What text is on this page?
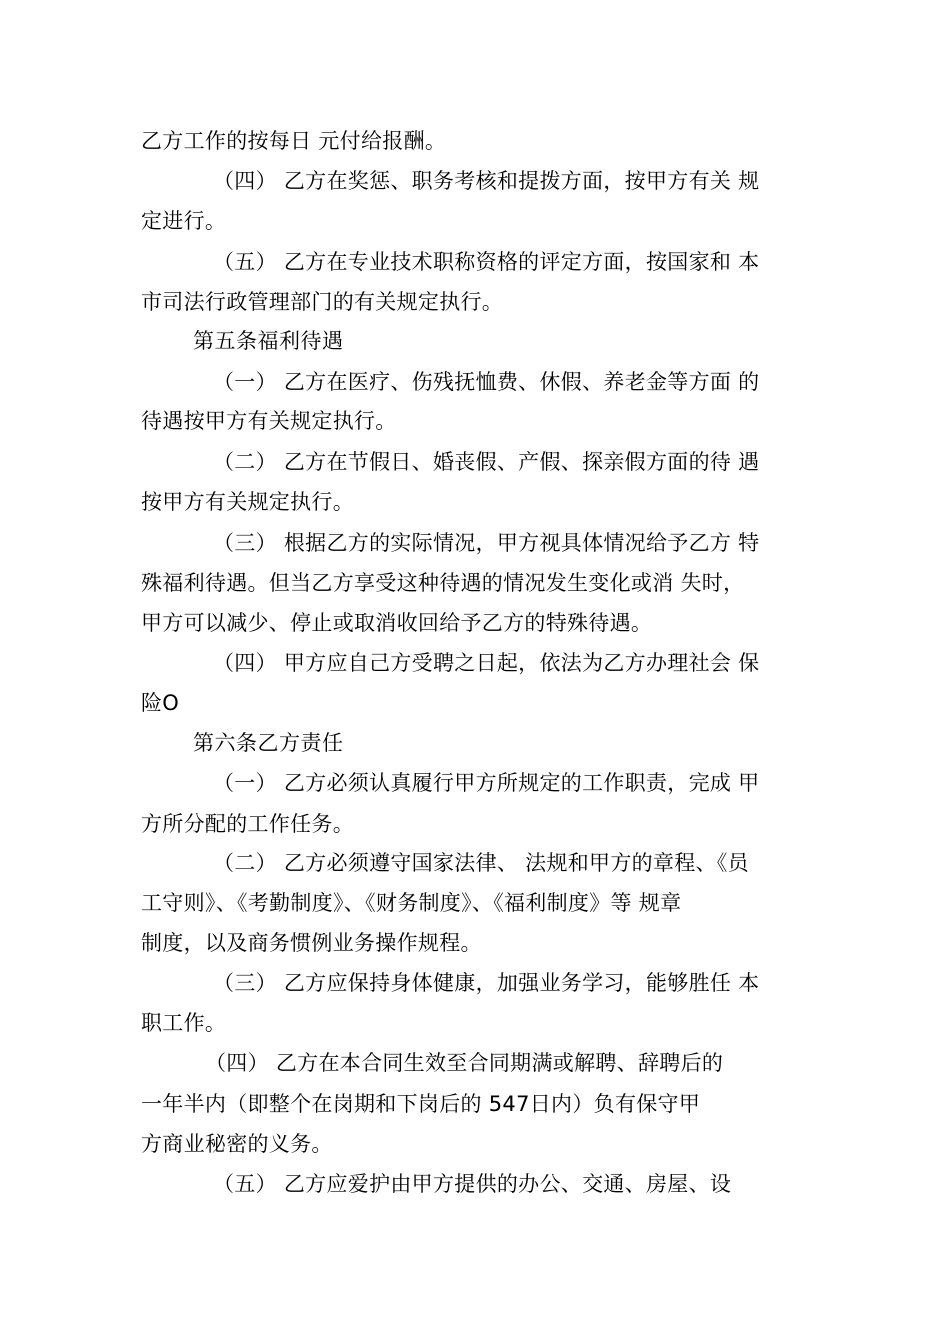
乙方工作的按每日 元付给报酬。
（四） 乙方在奖惩、职务考核和提拨方面，按甲方有关 规
定进行。
（五） 乙方在专业技术职称资格的评定方面，按国家和 本
市司法行政管理部门的有关规定执行。
第五条福利待遇
（一） 乙方在医疗、伤残抚恤费、休假、养老金等方面 的
待遇按甲方有关规定执行。
（二） 乙方在节假日、婚丧假、产假、探亲假方面的待 遇
按甲方有关规定执行。
（三） 根据乙方的实际情况，甲方视具体情况给予乙方 特
殊福利待遇。但当乙方享受这种待遇的情况发生变化或消 失时，
甲方可以减少、停止或取消收回给予乙方的特殊待遇。
（四） 甲方应自己方受聘之日起，依法为乙方办理社会 保
险O
第六条乙方责任
（一） 乙方必须认真履行甲方所规定的工作职责，完成 甲
方所分配的工作任务。
（二） 乙方必须遵守国家法律、 法规和甲方的章程、《员
工守则》、《考勤制度》、《财务制度》、《福利制度》等 规章
制度，以及商务惯例业务操作规程。
（三） 乙方应保持身体健康，加强业务学习，能够胜任 本
职工作。
（四） 乙方在本合同生效至合同期满或解聘、辞聘后的
一年半内（即整个在岗期和下岗后的 547日内）负有保守甲
方商业秘密的义务。
（五） 乙方应爱护由甲方提供的办公、交通、房屋、设
